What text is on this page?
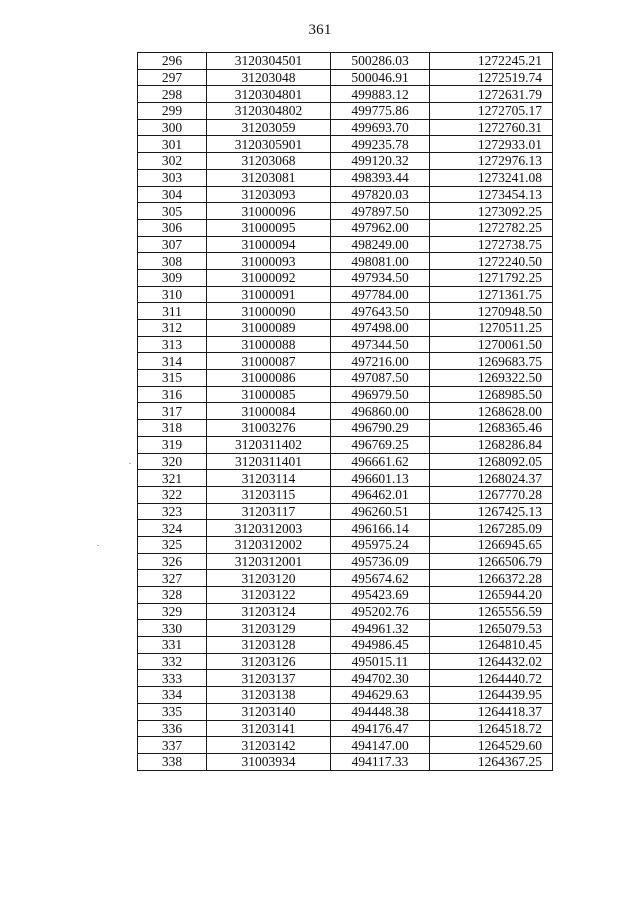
361
296	3120304501	500286.03	1272245.21
297	31203048	500046.91	1272519.74
298	3120304801	499883.12	1272631.79
299	3120304802	499775.86	1272705.17
300	31203059	499693.70	1272760.31
301	3120305901	499235.78	1272933.01
302	31203068	499120.32	1272976.13
303	31203081	498393.44	1273241.08
304	31203093	497820.03	1273454.13
305	31000096	497897.50	1273092.25
306	31000095	497962.00	1272782.25
307	31000094	498249.00	1272738.75
308	31000093	498081.00	1272240.50
309	31000092	497934.50	1271792.25
310	31000091	497784.00	1271361.75
311	31000090	497643.50	1270948.50
312	31000089	497498.00	1270511.25
313	31000088	497344.50	1270061.50
314	31000087	497216.00	1269683.75
315	31000086	497087.50	1269322.50
316	31000085	496979.50	1268985.50
317	31000084	496860.00	1268628.00
318	31003276	496790.29	1268365.46
319	3120311402	496769.25	1268286.84
320	3120311401	496661.62	1268092.05
321	31203114	496601.13	1268024.37
322	31203115	496462.01	1267770.28
323	31203117	496260.51	1267425.13
324	3120312003	496166.14	1267285.09
325	3120312002	495975.24	1266945.65
326	3120312001	495736.09	1266506.79
327	31203120	495674.62	1266372.28
328	31203122	495423.69	1265944.20
329	31203124	495202.76	1265556.59
330	31203129	494961.32	1265079.53
331	31203128	494986.45	1264810.45
332	31203126	495015.11	1264432.02
333	31203137	494702.30	1264440.72
334	31203138	494629.63	1264439.95
335	31203140	494448.38	1264418.37
336	31203141	494176.47	1264518.72
337	31203142	494147.00	1264529.60
338	31003934	494117.33	1264367.25
